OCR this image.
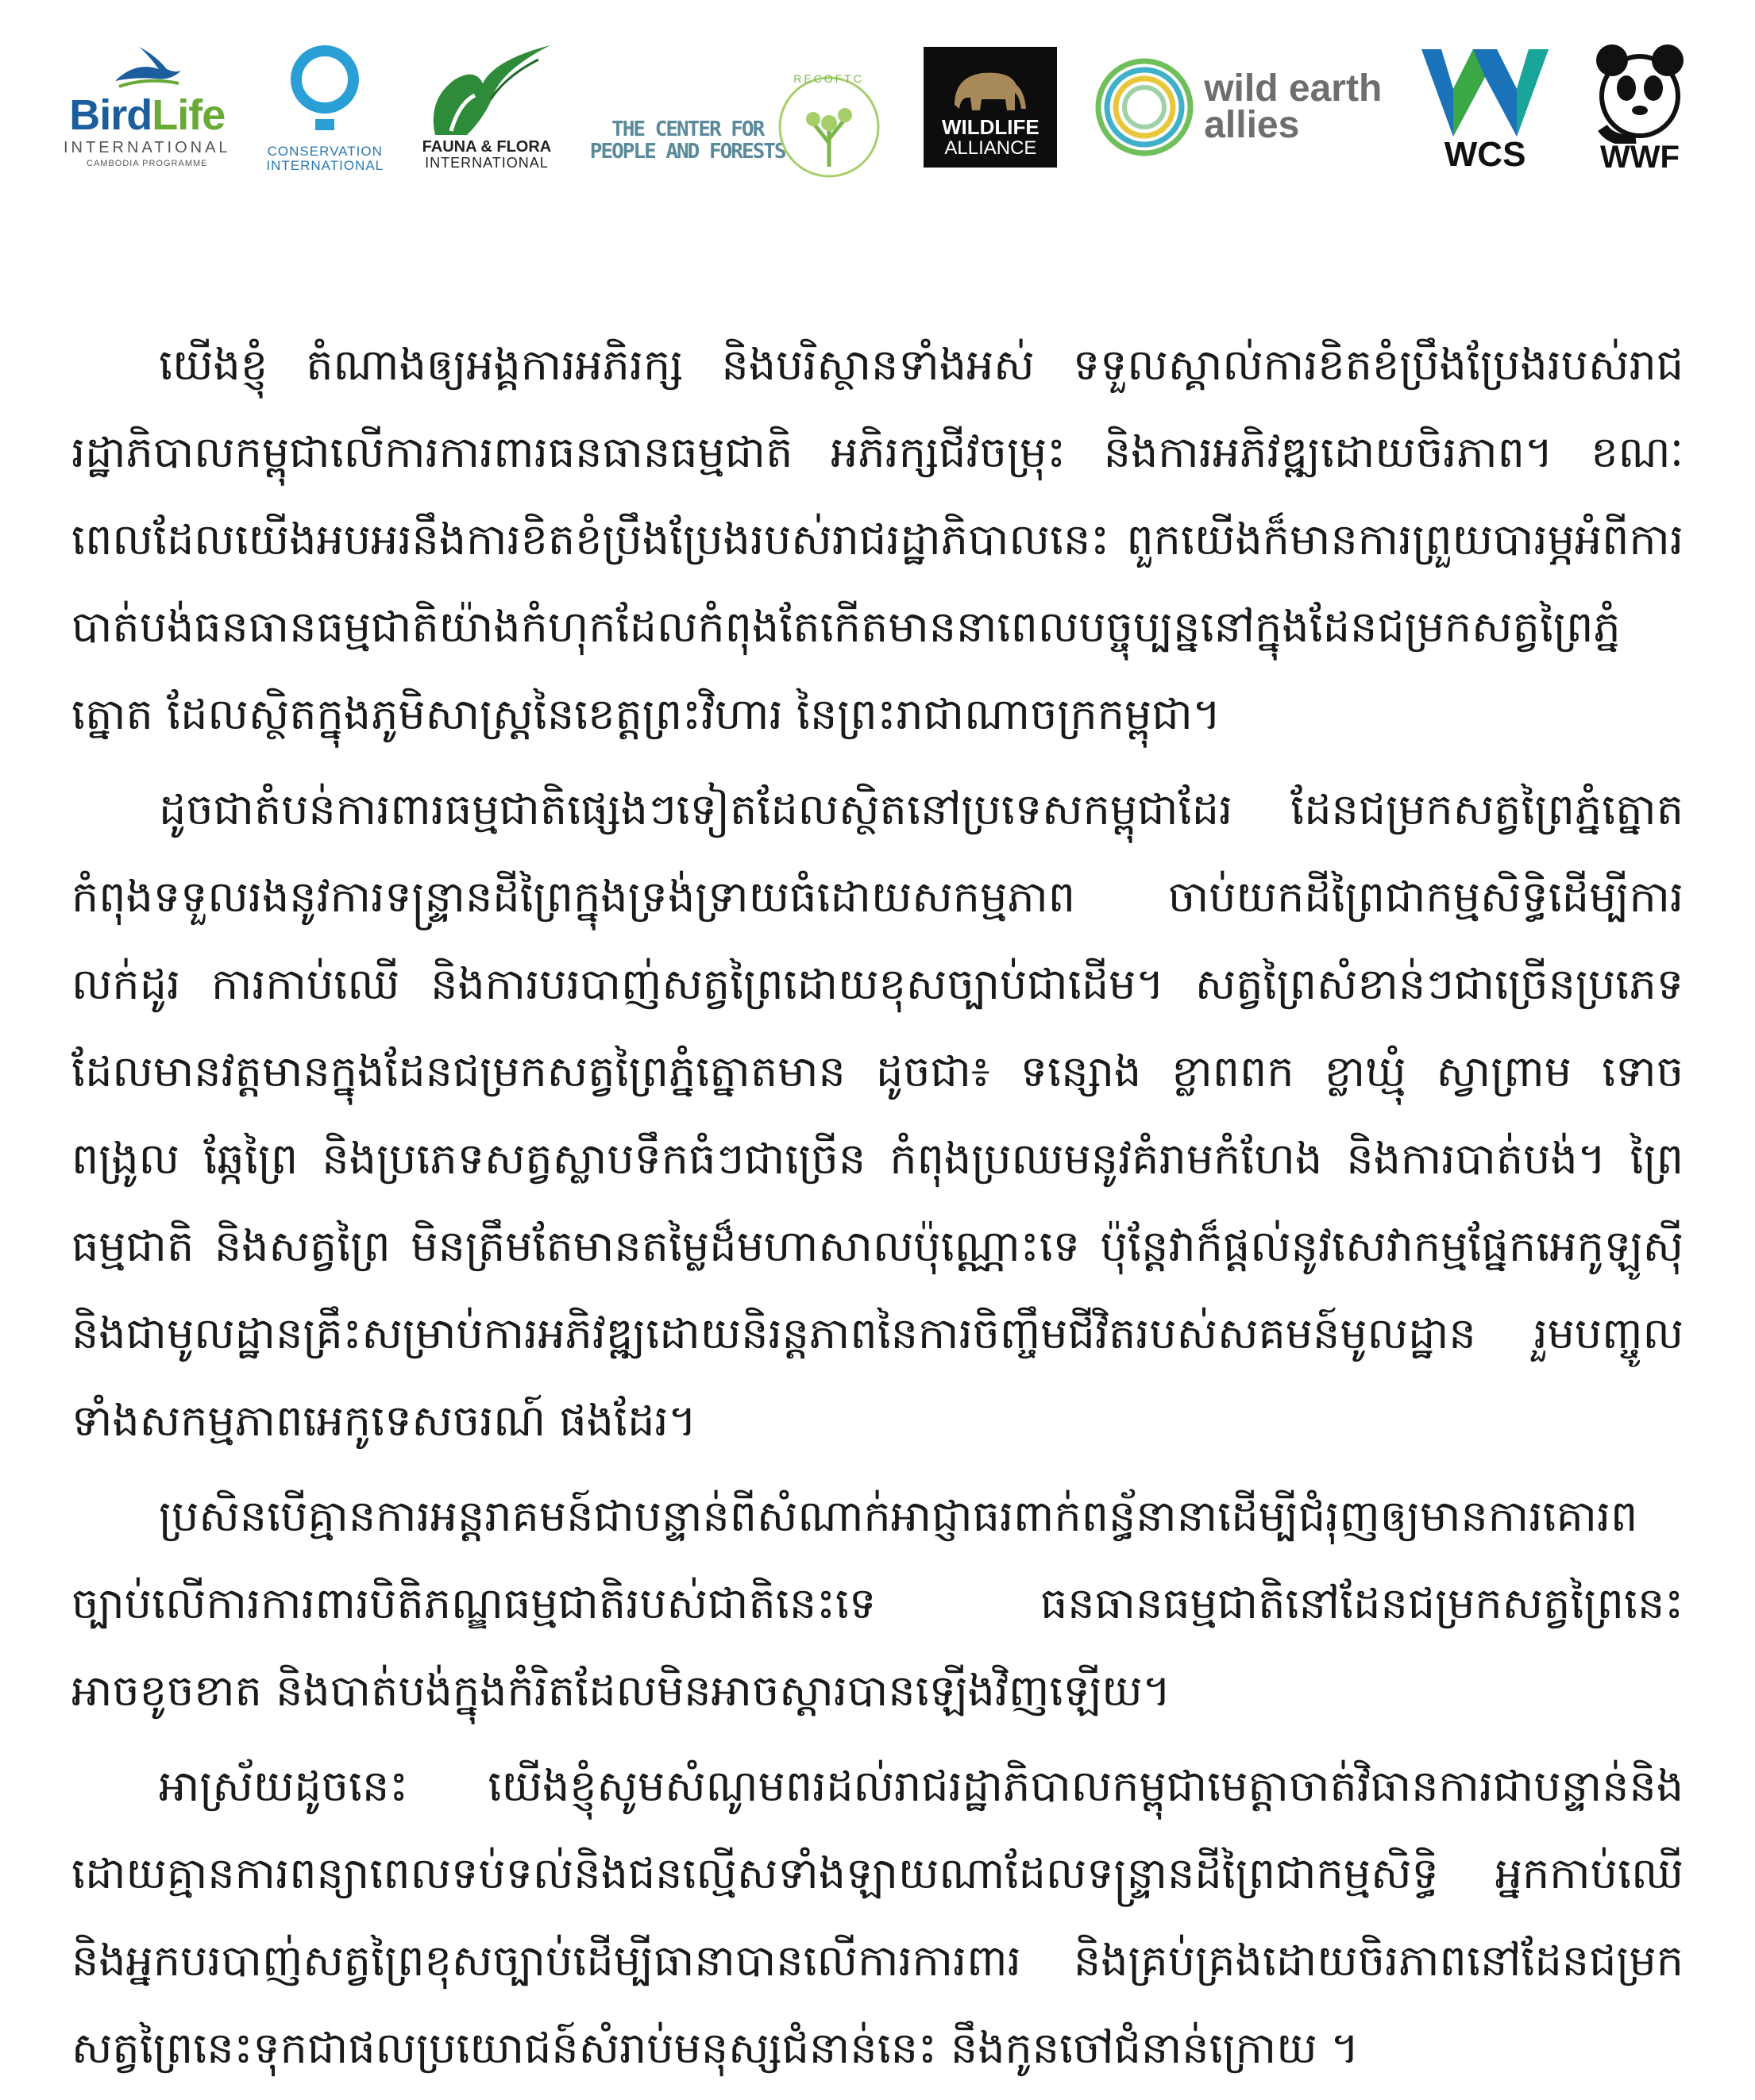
BirdLife
INTERNATIONAL
CAMBODIA PROGRAMME
CONSERVATION
INTERNATIONAL
FAUNA & FLORA
INTERNATIONAL
THE CENTER FOR
PEOPLE AND FORESTS
RECOFTC
WILDLIFE
ALLIANCE
wild earth
allies
WCS WWF

យើងខ្ញុំ តំណាងឲ្យអង្គការអភិរក្ស និងបរិស្ថានទាំងអស់ ទទួលស្គាល់ការខិតខំប្រឹងប្រែងរបស់រាជរដ្ឋាភិបាលកម្ពុជាលើការការពារធនធានធម្មជាតិ អភិរក្សជីវចម្រុះ និងការអភិវឌ្ឍដោយចិរភាព។ ខណៈពេលដែលយើងអបអរនឹងការខិតខំប្រឹងប្រែងរបស់រាជរដ្ឋាភិបាលនេះ ពួកយើងក៏មានការព្រួយបារម្ភអំពីការបាត់បង់ធនធានធម្មជាតិយ៉ាងកំហុកដែលកំពុងតែកើតមាននាពេលបច្ចុប្បន្ននៅក្នុងដែនជម្រកសត្វព្រៃភ្នំត្នោត ដែលស្ថិតក្នុងភូមិសាស្ត្រនៃខេត្តព្រះវិហារ នៃព្រះរាជាណាចក្រកម្ពុជា។

ដូចជាតំបន់ការពារធម្មជាតិផ្សេងៗទៀតដែលស្ថិតនៅប្រទេសកម្ពុជាដែរ ដែនជម្រកសត្វព្រៃភ្នំត្នោតកំពុងទទួលរងនូវការទន្ទ្រានដីព្រៃក្នុងទ្រង់ទ្រាយធំដោយសកម្មភាព ចាប់យកដីព្រៃជាកម្មសិទ្ធិដើម្បីការលក់ដូរ ការកាប់ឈើ និងការបរបាញ់សត្វព្រៃដោយខុសច្បាប់ជាដើម។ សត្វព្រៃសំខាន់ៗជាច្រើនប្រភេទ ដែលមានវត្តមានក្នុងដែនជម្រកសត្វព្រៃភ្នំត្នោតមាន ដូចជា៖ ទន្សោង ខ្លាពពក ខ្លាឃ្មុំ ស្វាព្រាម ទោច ពង្រូល ឆ្កែព្រៃ និងប្រភេទសត្វស្លាបទឹកធំៗជាច្រើន កំពុងប្រឈមនូវគំរាមកំហែង និងការបាត់បង់។ ព្រៃធម្មជាតិ និងសត្វព្រៃ មិនត្រឹមតែមានតម្លៃដ៏មហាសាលប៉ុណ្ណោះទេ ប៉ុន្តែវាក៏ផ្តល់នូវសេវាកម្មផ្នែកអេកូឡូស៊ី និងជាមូលដ្ឋានគ្រឹះសម្រាប់ការអភិវឌ្ឍដោយនិរន្តភាពនៃការចិញ្ចឹមជីវិតរបស់សគមន៍មូលដ្ឋាន រួមបញ្ចូលទាំងសកម្មភាពអេកូទេសចរណ៍ ផងដែរ។

ប្រសិនបើគ្មានការអន្តរាគមន៍ជាបន្ទាន់ពីសំណាក់អាជ្ញាធរពាក់ពន្ធ័នានាដើម្បីជំរុញឲ្យមានការគោរពច្បាប់លើការការពារបិតិភណ្ឌធម្មជាតិរបស់ជាតិនេះទេ ធនធានធម្មជាតិនៅដែនជម្រកសត្វព្រៃនេះ អាចខូចខាត និងបាត់បង់ក្នុងកំរិតដែលមិនអាចស្តារបានឡើងវិញឡើយ។

អាស្រ័យដូចនេះ យើងខ្ញុំសូមសំណូមពរដល់រាជរដ្ឋាភិបាលកម្ពុជាមេត្តាចាត់វិធានការជាបន្ទាន់និងដោយគ្មានការពន្យាពេលទប់ទល់និងជនល្មើសទាំងឡាយណាដែលទន្ទ្រានដីព្រៃជាកម្មសិទ្ធិ អ្នកកាប់ឈើ និងអ្នកបរបាញ់សត្វព្រៃខុសច្បាប់ដើម្បីធានាបានលើការការពារ និងគ្រប់គ្រងដោយចិរភាពនៅដែនជម្រកសត្វព្រៃនេះទុកជាផលប្រយោជន៍សំរាប់មនុស្សជំនាន់នេះ នឹងកូនចៅជំនាន់ក្រោយ ។
